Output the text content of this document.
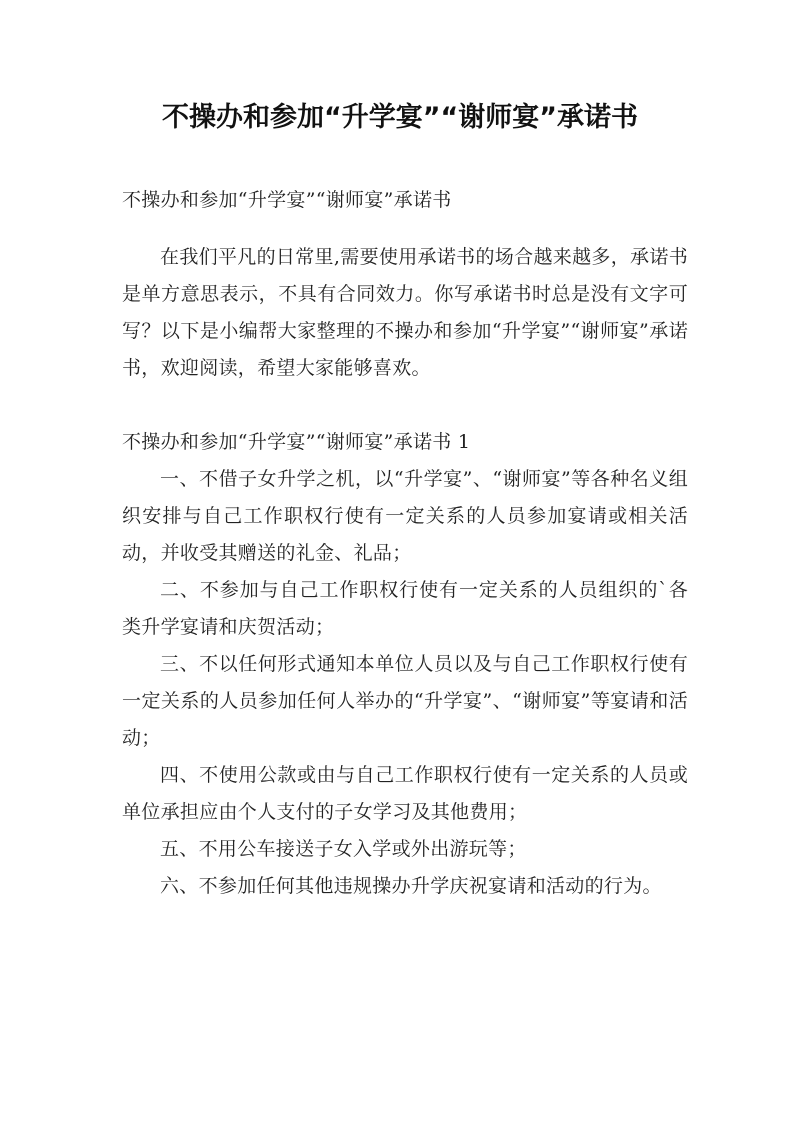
不操办和参加“升学宴”“谢师宴”承诺书

不操办和参加“升学宴”“谢师宴”承诺书

在我们平凡的日常里,需要使用承诺书的场合越来越多，承诺书是单方意思表示，不具有合同效力。你写承诺书时总是没有文字可写？以下是小编帮大家整理的不操办和参加“升学宴”“谢师宴”承诺书，欢迎阅读，希望大家能够喜欢。

不操办和参加“升学宴”“谢师宴”承诺书 1

一、不借子女升学之机，以“升学宴”、“谢师宴”等各种名义组织安排与自己工作职权行使有一定关系的人员参加宴请或相关活动，并收受其赠送的礼金、礼品；

二、不参加与自己工作职权行使有一定关系的人员组织的`各类升学宴请和庆贺活动；

三、不以任何形式通知本单位人员以及与自己工作职权行使有一定关系的人员参加任何人举办的“升学宴”、“谢师宴”等宴请和活动；

四、不使用公款或由与自己工作职权行使有一定关系的人员或单位承担应由个人支付的子女学习及其他费用；

五、不用公车接送子女入学或外出游玩等；

六、不参加任何其他违规操办升学庆祝宴请和活动的行为。
